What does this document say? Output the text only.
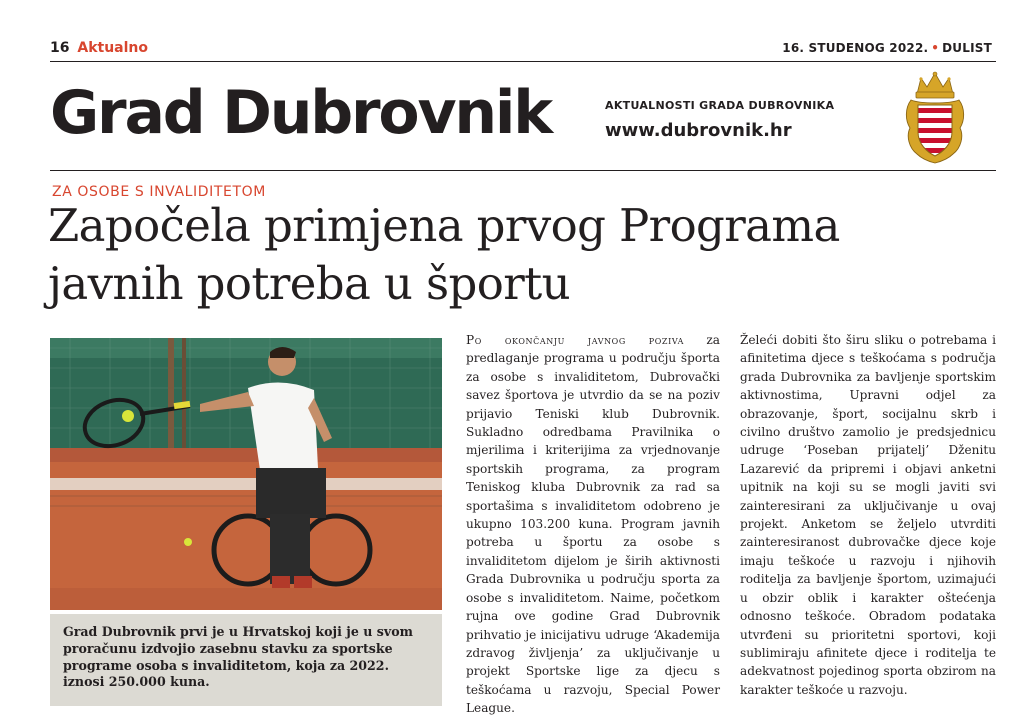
16 Aktualno	16. STUDENOG 2022. • DULIST
Grad Dubrovnik	AKTUALNOSTI GRADA DUBROVNIKA
www.dubrovnik.hr
ZA OSOBE S INVALIDITETOM
Započela primjena prvog Programa javnih potreba u športu
Grad Dubrovnik prvi je u Hrvatskoj koji je u svom proračunu izdvojio zasebnu stavku za sportske programe osoba s invaliditetom, koja za 2022. iznosi 250.000 kuna.

Po okončanju javnog poziva za predlaganje programa u području športa za osobe s invaliditetom, Dubrovački savez športova je utvrdio da se na poziv prijavio Teniski klub Dubrovnik. Sukladno odredbama Pravilnika o mjerilima i kriterijima za vrjednovanje sportskih programa, za program Teniskog kluba Dubrovnik za rad sa sportašima s invaliditetom odobreno je ukupno 103.200 kuna. Program javnih potreba u športu za osobe s invaliditetom dijelom je širih aktivnosti Grada Dubrovnika u području sporta za osobe s invaliditetom. Naime, početkom rujna ove godine Grad Dubrovnik prihvatio je inicijativu udruge ‘Akademija zdravog življenja’ za uključivanje u projekt Sportske lige za djecu s teškoćama u razvoju, Special Power League.

Želeći dobiti što širu sliku o potrebama i afinitetima djece s teškoćama s područja grada Dubrovnika za bavljenje sportskim aktivnostima, Upravni odjel za obrazovanje, šport, socijalnu skrb i civilno društvo zamolio je predsjednicu udruge ‘Poseban prijatelj’ Dženitu Lazarević da pripremi i objavi anketni upitnik na koji su se mogli javiti svi zainteresirani za uključivanje u ovaj projekt. Anketom se željelo utvrditi zainteresiranost dubrovačke djece koje imaju teškoće u razvoju i njihovih roditelja za bavljenje športom, uzimajući u obzir oblik i karakter oštećenja odnosno teškoće. Obradom podataka utvrđeni su prioritetni sportovi, koji sublimiraju afinitete djece i roditelja te adekvatnost pojedinog sporta obzirom na karakter teškoće u razvoju.
